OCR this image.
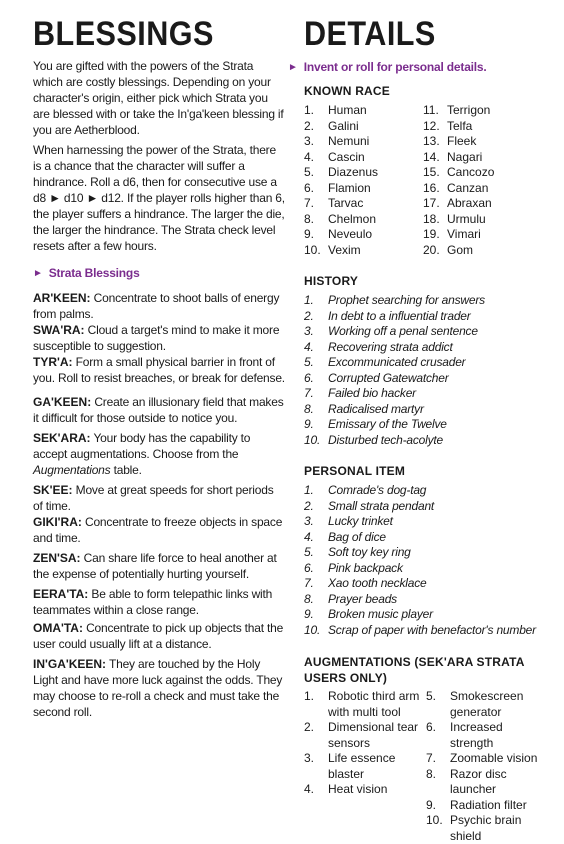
BLESSINGS

You are gifted with the powers of the Strata which are costly blessings. Depending on your character's origin, either pick which Strata you are blessed with or take the In'ga'keen blessing if you are Aetherblood.

When harnessing the power of the Strata, there is a chance that the character will suffer a hindrance. Roll a d6, then for consecutive use a d8 ► d10 ► d12. If the player rolls higher than 6, the player suffers a hindrance. The larger the die, the larger the hindrance. The Strata check level resets after a few hours.

► Strata Blessings
AR'KEEN: Concentrate to shoot balls of energy from palms.
SWA'RA: Cloud a target's mind to make it more susceptible to suggestion.
TYR'A: Form a small physical barrier in front of you. Roll to resist breaches, or break for defense.
GA'KEEN: Create an illusionary field that makes it difficult for those outside to notice you.
SEK'ARA: Your body has the capability to accept augmentations. Choose from the Augmentations table.
SK'EE: Move at great speeds for short periods of time.
GIKI'RA: Concentrate to freeze objects in space and time.
ZEN'SA: Can share life force to heal another at the expense of potentially hurting yourself.
EERA'TA: Be able to form telepathic links with teammates within a close range.
OMA'TA: Concentrate to pick up objects that the user could usually lift at a distance.
IN'GA'KEEN: They are touched by the Holy Light and have more luck against the odds. They may choose to re-roll a check and must take the second roll.
DETAILS
► Invent or roll for personal details.
KNOWN RACE
1.	Human	11. Terrigon
2.	Galini	12. Telfa
3.	Nemuni	13. Fleek
4.	Cascin	14. Nagari
5.	Diazenus	15. Cancozo
6.	Flamion	16. Canzan
7.	Tarvac	17. Abraxan
8.	Chelmon	18. Urmulu
9.	Neveulo	19. Vimari
10. Vexim	20. Gom
HISTORY
1.	Prophet searching for answers
2.	In debt to a influential trader
3.	Working off a penal sentence
4.	Recovering strata addict
5.	Excommunicated crusader
6.	Corrupted Gatewatcher
7.	Failed bio hacker
8.	Radicalised martyr
9.	Emissary of the Twelve
10. Disturbed tech-acolyte
PERSONAL ITEM
1.	Comrade's dog-tag
2.	Small strata pendant
3.	Lucky trinket
4.	Bag of dice
5.	Soft toy key ring
6.	Pink backpack
7.	Xao tooth necklace
8.	Prayer beads
9.	Broken music player
10. Scrap of paper with benefactor's number
AUGMENTATIONS (SEK'ARA STRATA USERS ONLY)
1.	Robotic third arm with multi tool
2.	Dimensional tear sensors
3.	Life essence blaster
4.	Heat vision
5.	Smokescreen generator
6.	Increased strength
7.	Zoomable vision
8.	Razor disc launcher
9.	Radiation filter
10. Psychic brain shield
